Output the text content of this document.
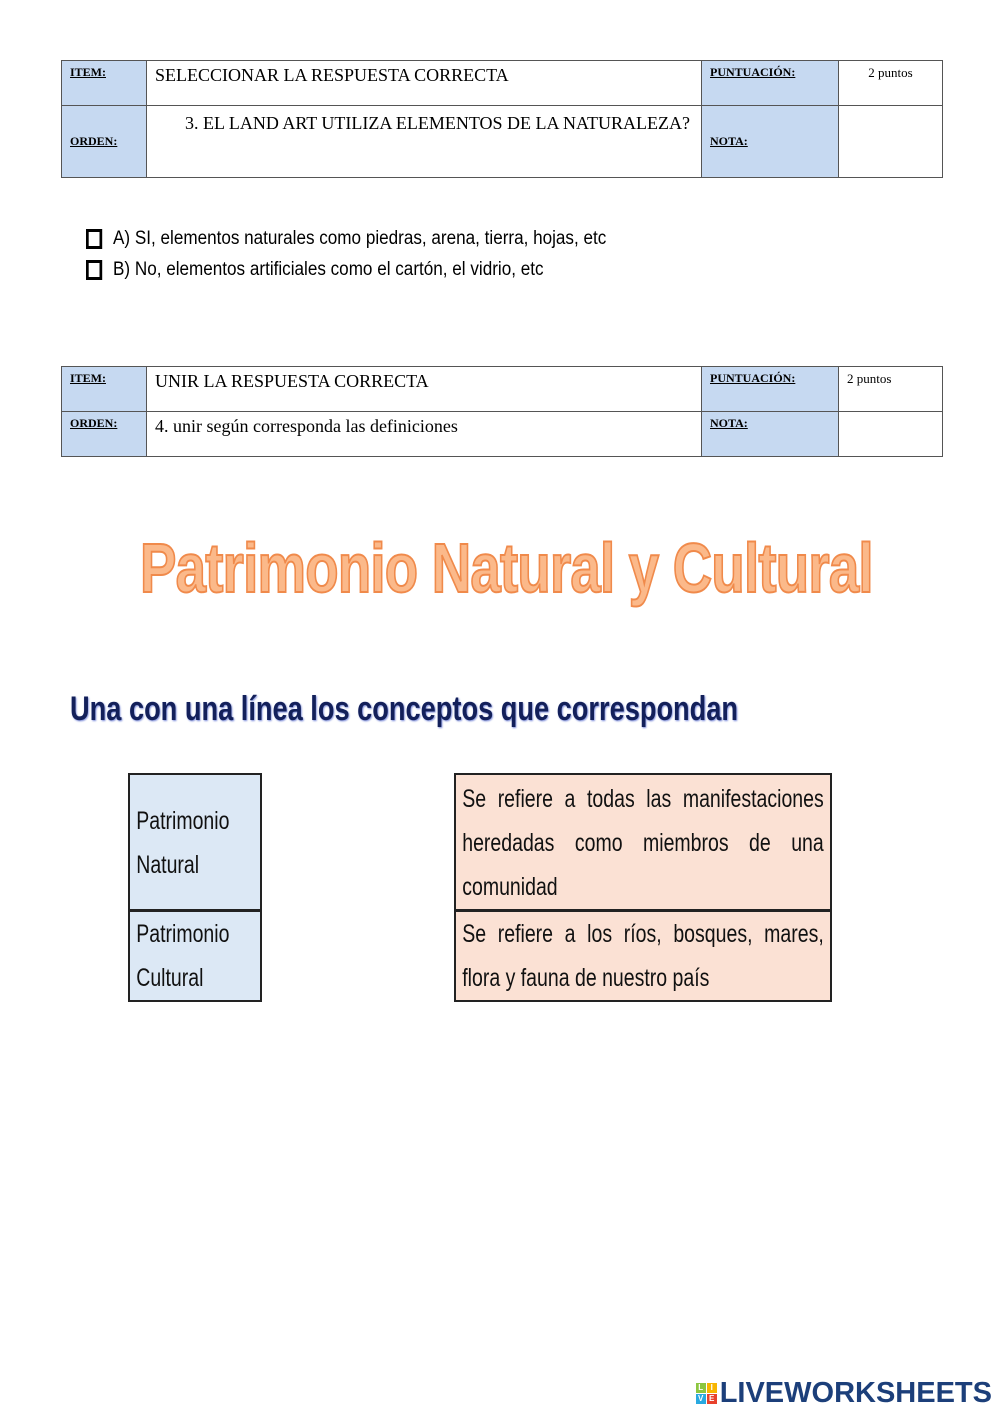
ITEM:	SELECCIONAR LA RESPUESTA CORRECTA	PUNTUACIÓN:	2 puntos
ORDEN:	3. EL LAND ART UTILIZA ELEMENTOS DE LA NATURALEZA?	NOTA:	
A) SI, elementos naturales como piedras, arena, tierra, hojas, etc
B) No, elementos artificiales como el cartón, el vidrio, etc
ITEM:	UNIR LA RESPUESTA CORRECTA	PUNTUACIÓN:	2 puntos
ORDEN:	4. unir según corresponda las definiciones	NOTA:	
Patrimonio Natural y Cultural
Una con una línea los conceptos que correspondan
Patrimonio Natural
Patrimonio Cultural
Se refiere a todas las manifestaciones heredadas como miembros de una comunidad
Se refiere a los ríos, bosques, mares, flora y fauna de nuestro país
L I
V E LIVEWORKSHEETS
